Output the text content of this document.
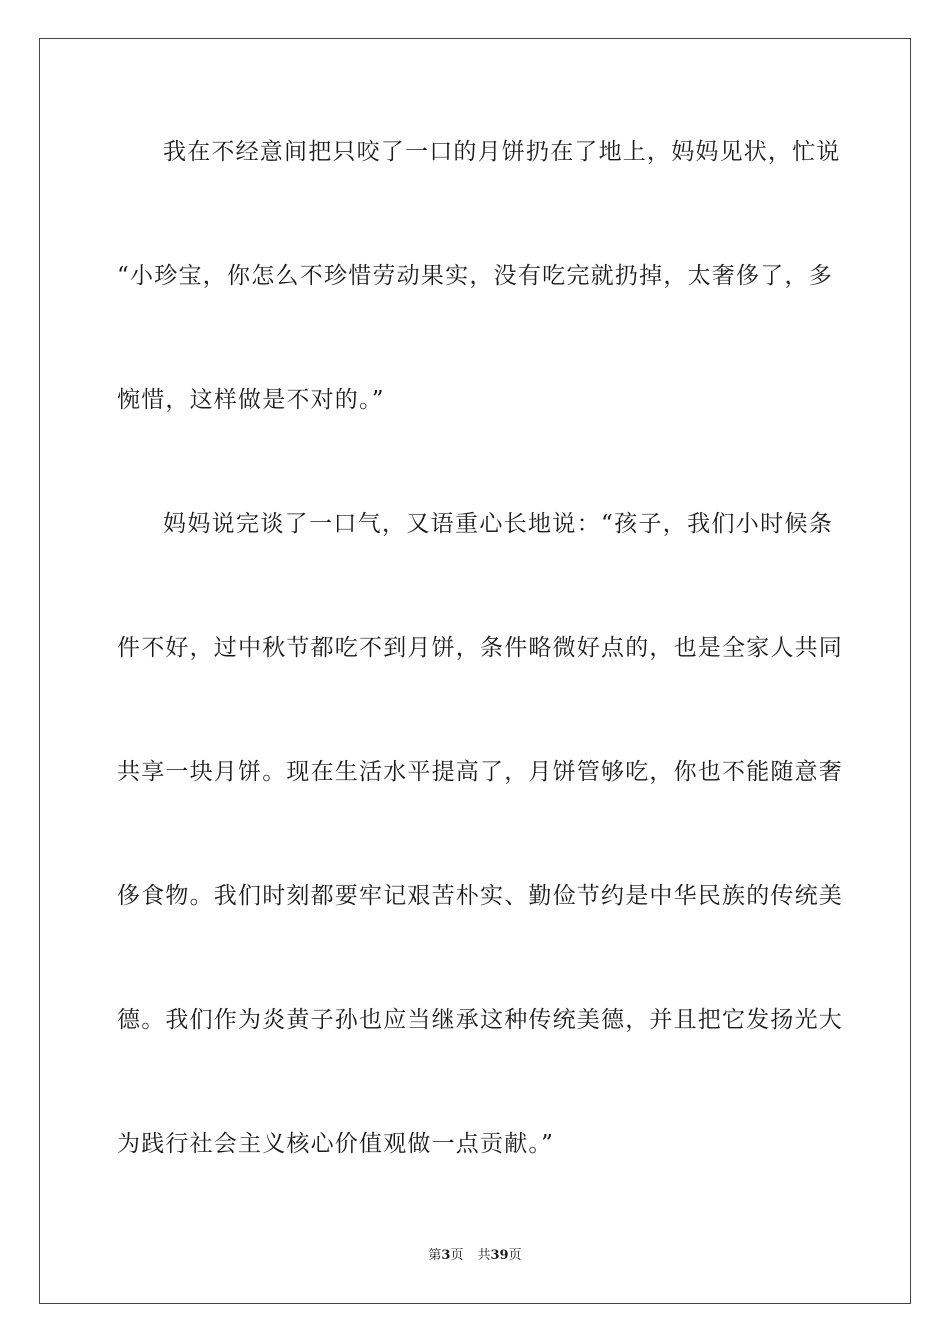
我在不经意间把只咬了一口的月饼扔在了地上，妈妈见状，忙说
“小珍宝，你怎么不珍惜劳动果实，没有吃完就扔掉，太奢侈了，多
惋惜，这样做是不对的。”
妈妈说完谈了一口气，又语重心长地说：“孩子，我们小时候条
件不好，过中秋节都吃不到月饼，条件略微好点的，也是全家人共同
共享一块月饼。现在生活水平提高了，月饼管够吃，你也不能随意奢
侈食物。我们时刻都要牢记艰苦朴实、勤俭节约是中华民族的传统美
德。我们作为炎黄子孙也应当继承这种传统美德，并且把它发扬光大
为践行社会主义核心价值观做一点贡献。”
第3页 共39页
